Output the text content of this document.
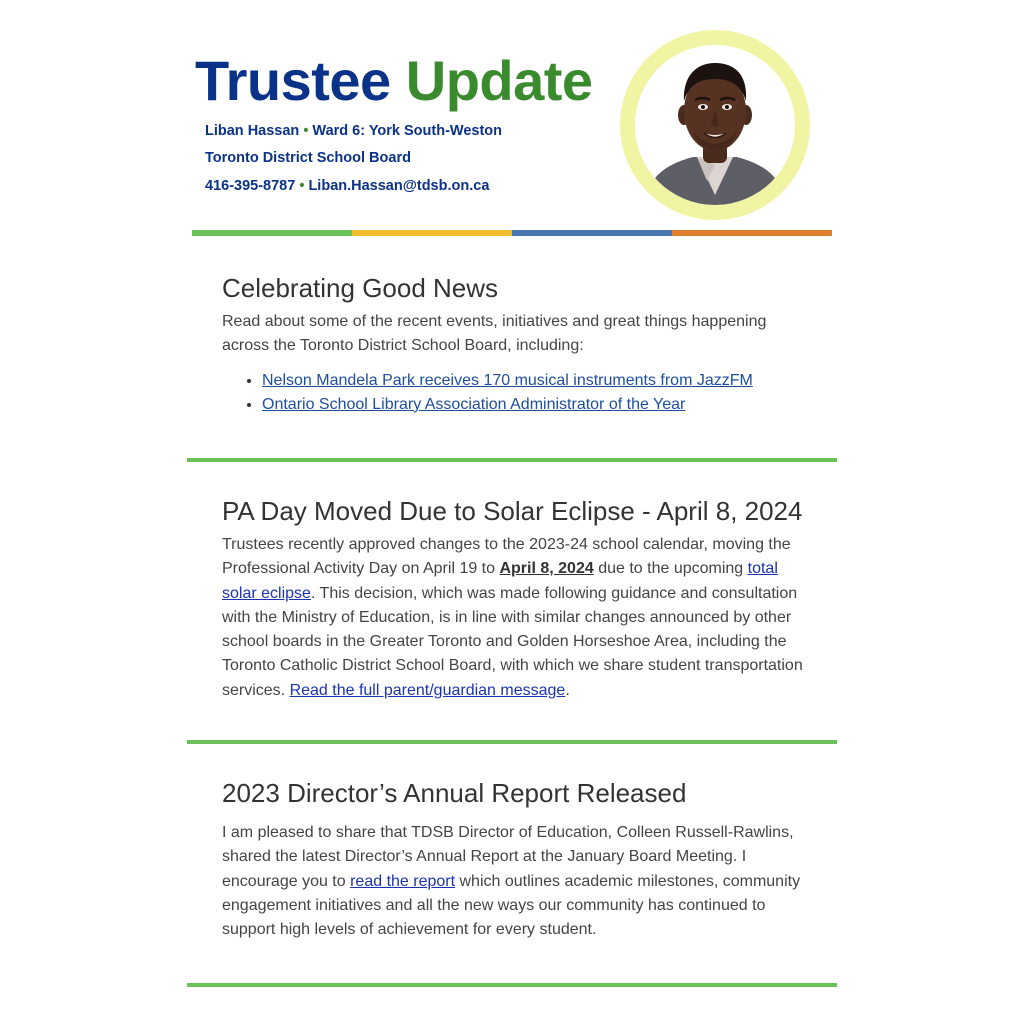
Trustee Update
Liban Hassan • Ward 6: York South-Weston
Toronto District School Board
416-395-8787 • Liban.Hassan@tdsb.on.ca
Celebrating Good News

Read about some of the recent events, initiatives and great things happening across the Toronto District School Board, including:

• Nelson Mandela Park receives 170 musical instruments from JazzFM
• Ontario School Library Association Administrator of the Year
PA Day Moved Due to Solar Eclipse - April 8, 2024

Trustees recently approved changes to the 2023-24 school calendar, moving the Professional Activity Day on April 19 to April 8, 2024 due to the upcoming total solar eclipse. This decision, which was made following guidance and consultation with the Ministry of Education, is in line with similar changes announced by other school boards in the Greater Toronto and Golden Horseshoe Area, including the Toronto Catholic District School Board, with which we share student transportation services. Read the full parent/guardian message.

2023 Director’s Annual Report Released

I am pleased to share that TDSB Director of Education, Colleen Russell-Rawlins, shared the latest Director’s Annual Report at the January Board Meeting. I encourage you to read the report which outlines academic milestones, community engagement initiatives and all the new ways our community has continued to support high levels of achievement for every student.
